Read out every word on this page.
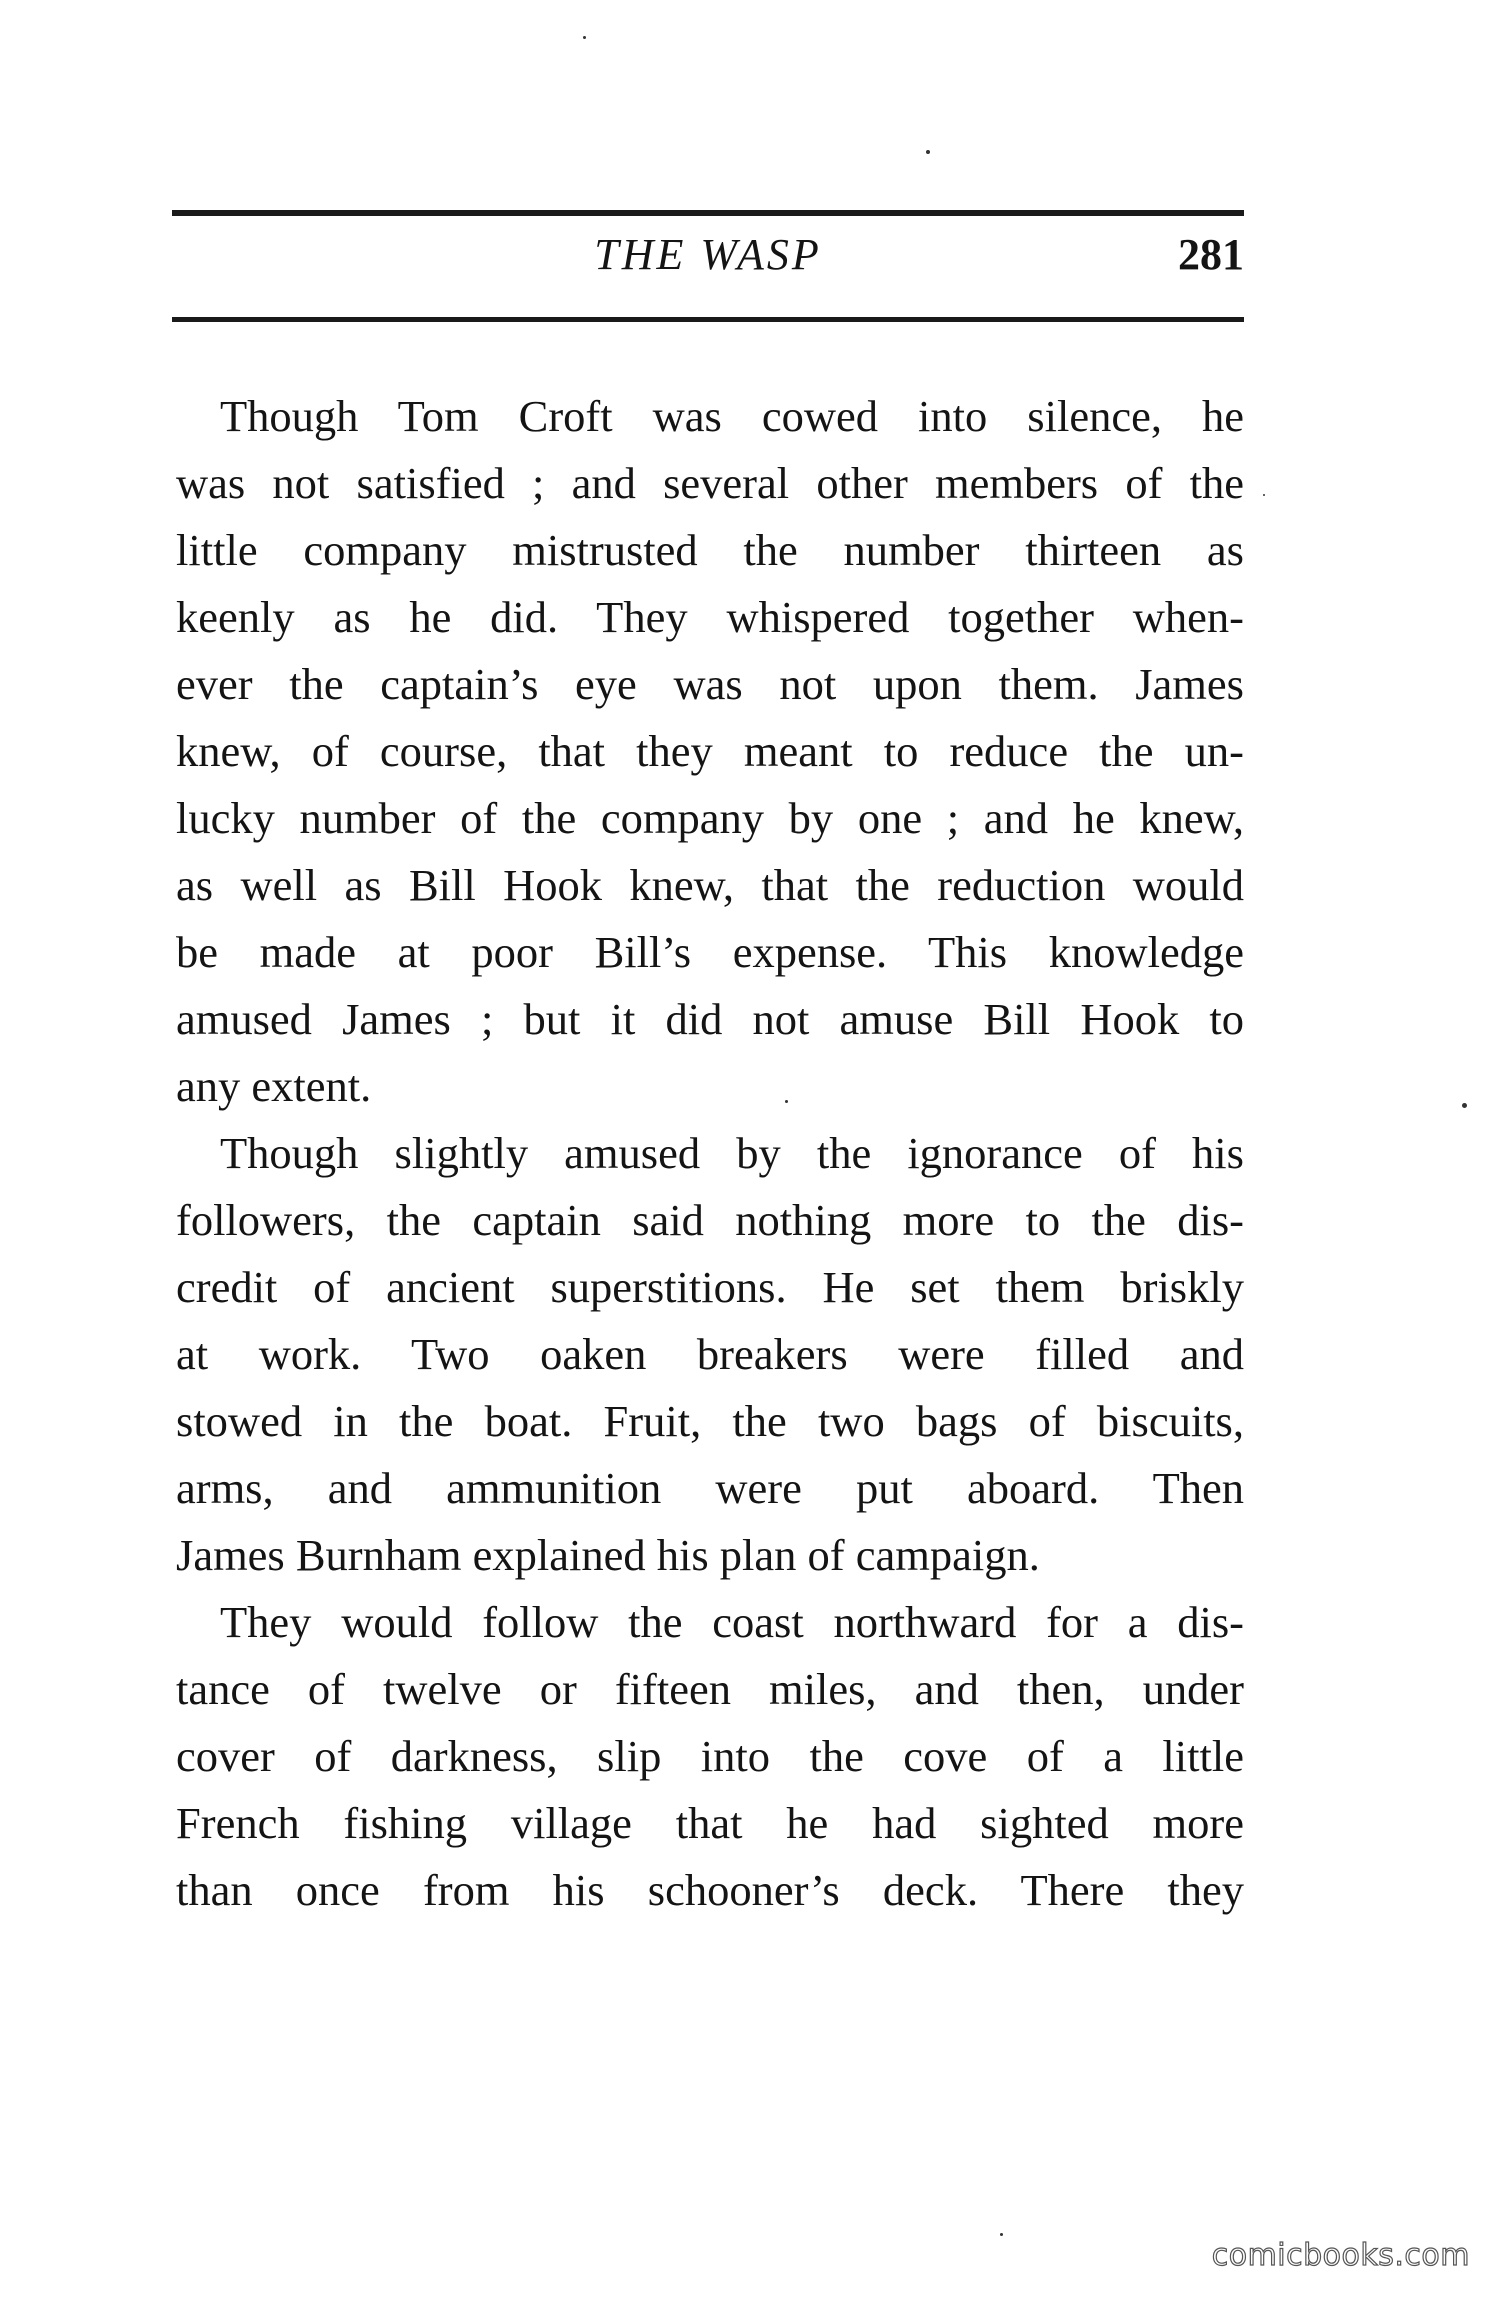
THE WASP	281

Though Tom Croft was cowed into silence, he
was not satisfied ; and several other members of the
little company mistrusted the number thirteen as
keenly as he did. They whispered together when-
ever the captain’s eye was not upon them. James
knew, of course, that they meant to reduce the un-
lucky number of the company by one ; and he knew,
as well as Bill Hook knew, that the reduction would
be made at poor Bill’s expense. This knowledge
amused James ; but it did not amuse Bill Hook to
any extent.

Though slightly amused by the ignorance of his
followers, the captain said nothing more to the dis-
credit of ancient superstitions. He set them briskly
at work. Two oaken breakers were filled and
stowed in the boat. Fruit, the two bags of biscuits,
arms, and ammunition were put aboard. Then
James Burnham explained his plan of campaign.

They would follow the coast northward for a dis-
tance of twelve or fifteen miles, and then, under
cover of darkness, slip into the cove of a little
French fishing village that he had sighted more
than once from his schooner’s deck. There they

comicbooks.com
